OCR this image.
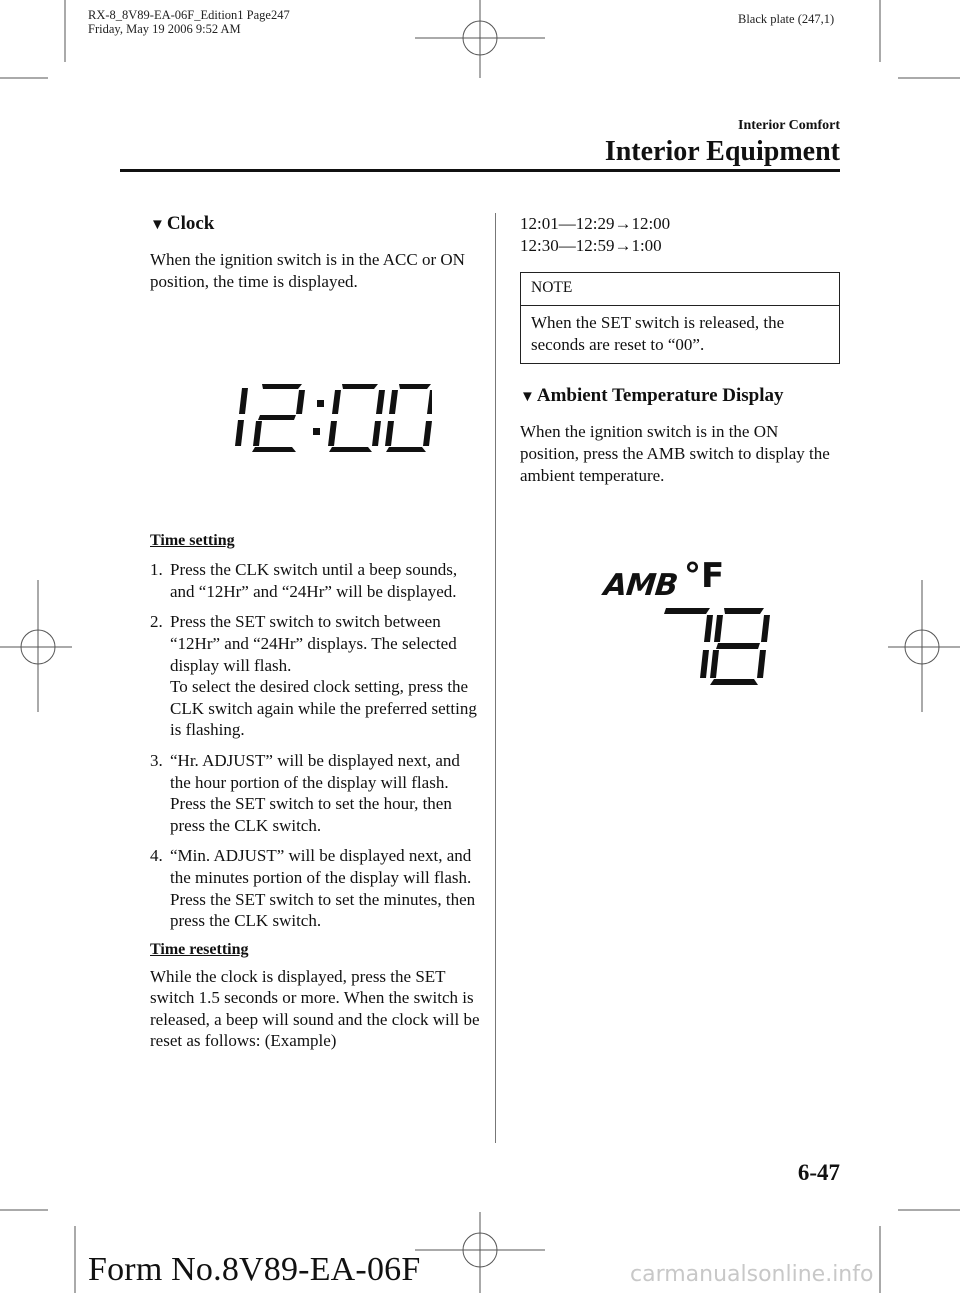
RX-8_8V89-EA-06F_Edition1 Page247
Friday, May 19 2006 9:52 AM
Black plate (247,1)
Interior Comfort
Interior Equipment
▼ Clock

When the ignition switch is in the ACC or ON position, the time is displayed.

12:00
Time setting
1. Press the CLK switch until a beep sounds, and “12Hr” and “24Hr” will be displayed.
2. Press the SET switch to switch between “12Hr” and “24Hr” displays. The selected display will flash.
To select the desired clock setting, press the CLK switch again while the preferred setting is flashing.
3. “Hr. ADJUST” will be displayed next, and the hour portion of the display will flash. Press the SET switch to set the hour, then press the CLK switch.
4. “Min. ADJUST” will be displayed next, and the minutes portion of the display will flash. Press the SET switch to set the minutes, then press the CLK switch.
Time resetting

While the clock is displayed, press the SET switch 1.5 seconds or more. When the switch is released, a beep will sound and the clock will be reset as follows: (Example)

12:01―12:29→12:00
12:30―12:59→1:00
NOTE
When the SET switch is released, the seconds are reset to “00”.
▼ Ambient Temperature Display

When the ignition switch is in the ON position, press the AMB switch to display the ambient temperature.

AMB °F
78
6-47
Form No.8V89-EA-06F	carmanualsonline.info
